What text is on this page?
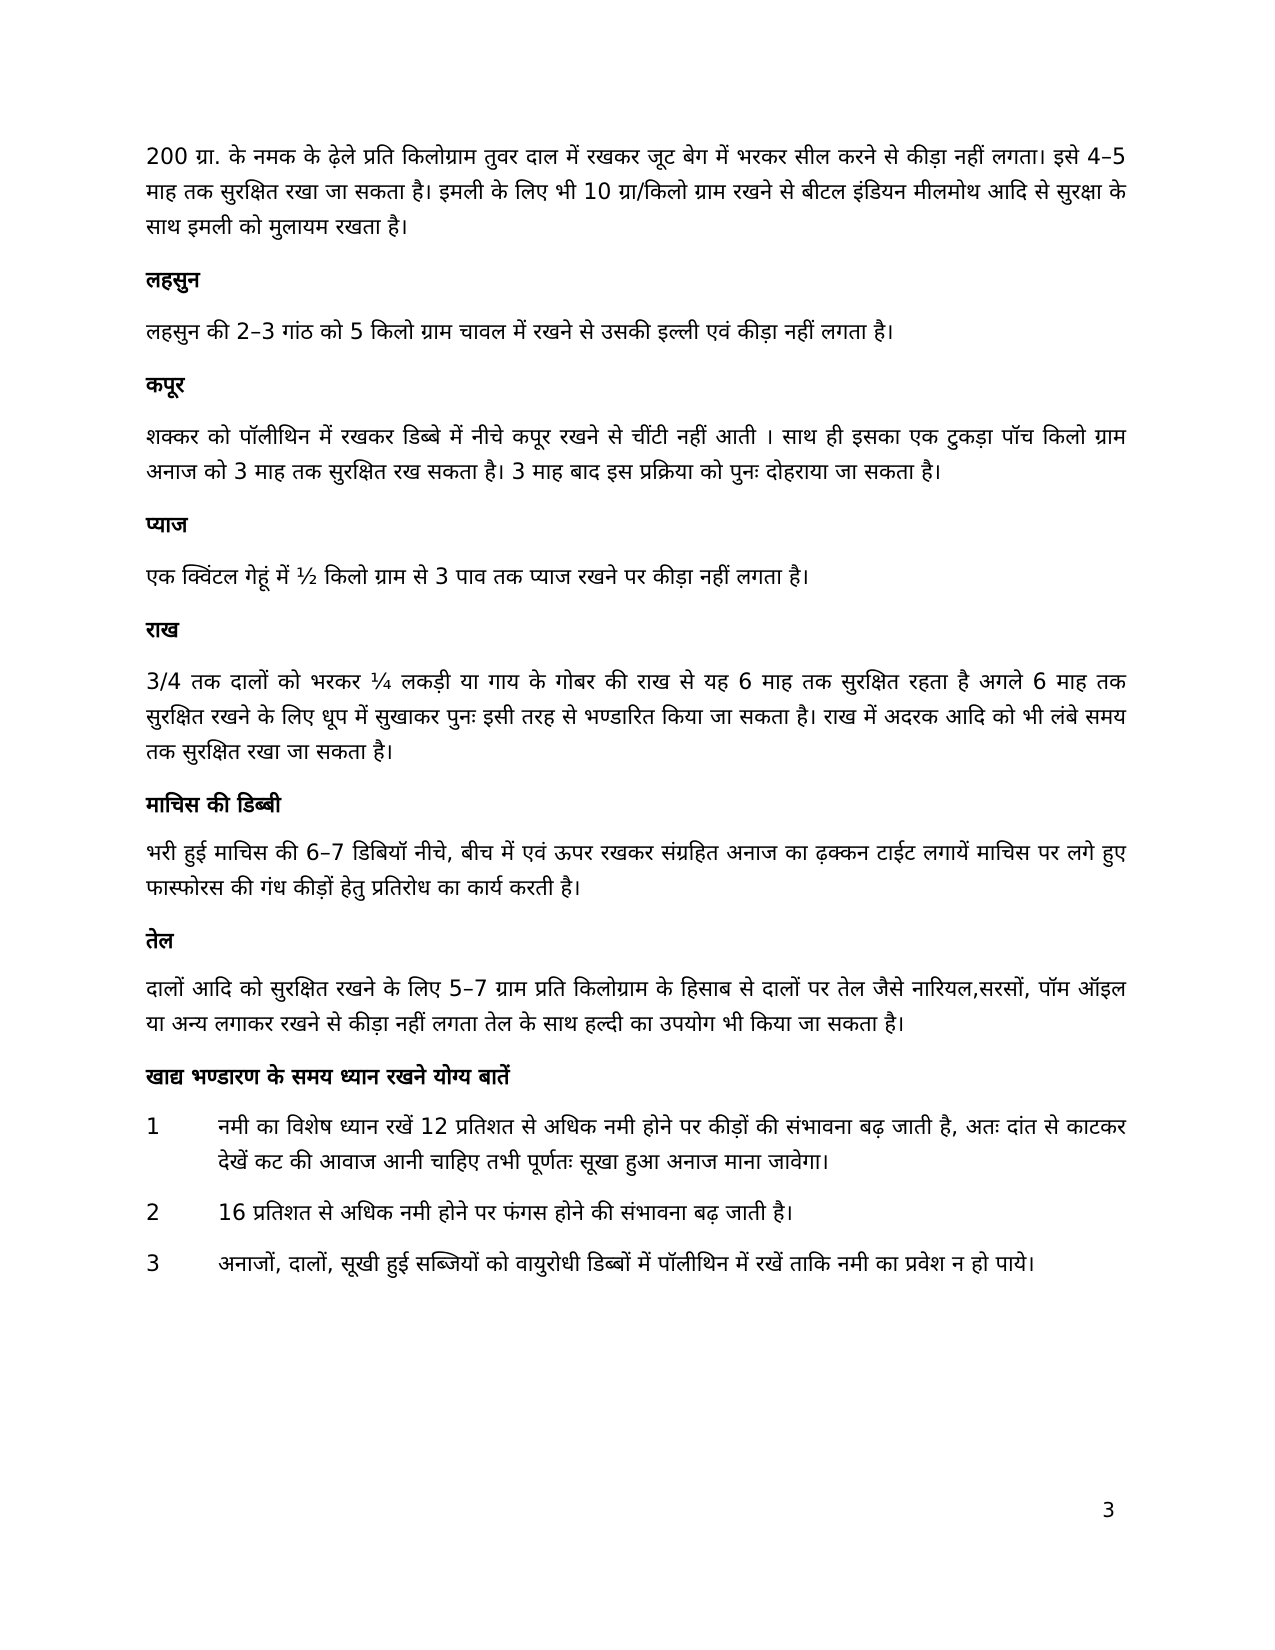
200 ग्रा. के नमक के ढ़ेले प्रति किलोग्राम तुवर दाल में रखकर जूट बेग में भरकर सील करने से कीड़ा नहीं लगता। इसे 4–5 माह तक सुरक्षित रखा जा सकता है। इमली के लिए भी 10 ग्रा/किलो ग्राम रखने से बीटल इंडियन मीलमोथ आदि से सुरक्षा के साथ इमली को मुलायम रखता है।

लहसुन

लहसुन की 2–3 गांठ को 5 किलो ग्राम चावल में रखने से उसकी इल्ली एवं कीड़ा नहीं लगता है।

कपूर

शक्कर को पॉलीथिन में रखकर डिब्बे में नीचे कपूर रखने से चींटी नहीं आती । साथ ही इसका एक टुकड़ा पॉच किलो ग्राम अनाज को 3 माह तक सुरक्षित रख सकता है। 3 माह बाद इस प्रक्रिया को पुनः दोहराया जा सकता है।

प्याज

एक क्विंटल गेहूं में ½ किलो ग्राम से 3 पाव तक प्याज रखने पर कीड़ा नहीं लगता है।

राख

3/4 तक दालों को भरकर ¼ लकड़ी या गाय के गोबर की राख से यह 6 माह तक सुरक्षित रहता है अगले 6 माह तक सुरक्षित रखने के लिए धूप में सुखाकर पुनः इसी तरह से भण्डारित किया जा सकता है। राख में अदरक आदि को भी लंबे समय तक सुरक्षित रखा जा सकता है।

माचिस की डिब्बी

भरी हुई माचिस की 6–7 डिबियॉ नीचे, बीच में एवं ऊपर रखकर संग्रहित अनाज का ढ़क्कन टाईट लगायें माचिस पर लगे हुए फास्फोरस की गंध कीड़ों हेतु प्रतिरोध का कार्य करती है।

तेल

दालों आदि को सुरक्षित रखने के लिए 5–7 ग्राम प्रति किलोग्राम के हिसाब से दालों पर तेल जैसे नारियल,सरसों, पॉम ऑइल या अन्य लगाकर रखने से कीड़ा नहीं लगता तेल के साथ हल्दी का उपयोग भी किया जा सकता है।

खाद्य भण्डारण के समय ध्यान रखने योग्य बातें
1	नमी का विशेष ध्यान रखें 12 प्रतिशत से अधिक नमी होने पर कीड़ों की संभावना बढ़ जाती है, अतः दांत से काटकर देखें कट की आवाज आनी चाहिए तभी पूर्णतः सूखा हुआ अनाज माना जावेगा।
2	16 प्रतिशत से अधिक नमी होने पर फंगस होने की संभावना बढ़ जाती है।
3	अनाजों, दालों, सूखी हुई सब्जियों को वायुरोधी डिब्बों में पॉलीथिन में रखें ताकि नमी का प्रवेश न हो पाये।
3
